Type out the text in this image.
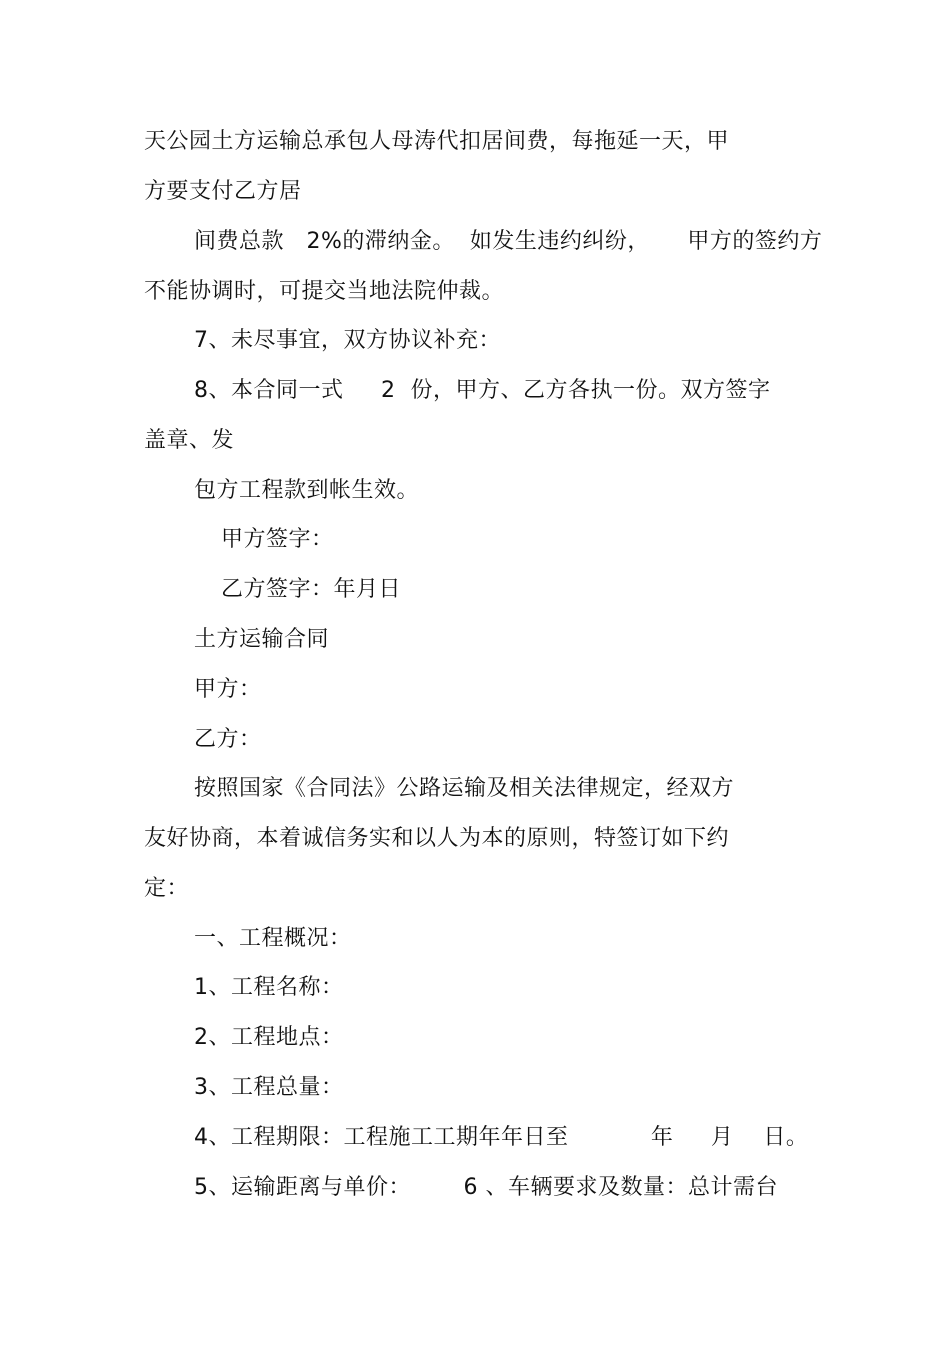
天公园土方运输总承包人母涛代扣居间费，每拖延一天，甲
方要支付乙方居
间费总款   2%的滞纳金。  如发生违约纠纷，     甲方的签约方
不能协调时，可提交当地法院仲裁。
7、未尽事宜，双方协议补充：
8、本合同一式     2  份，甲方、乙方各执一份。双方签字
盖章、发
包方工程款到帐生效。
甲方签字：
乙方签字：年月日
土方运输合同
甲方：
乙方：
按照国家《合同法》公路运输及相关法律规定，经双方
友好协商，本着诚信务实和以人为本的原则，特签订如下约
定：
一、工程概况：
1、工程名称：
2、工程地点：
3、工程总量：
4、工程期限：工程施工工期年年日至           年     月    日。
5、运输距离与单价：       6 、车辆要求及数量：总计需台
